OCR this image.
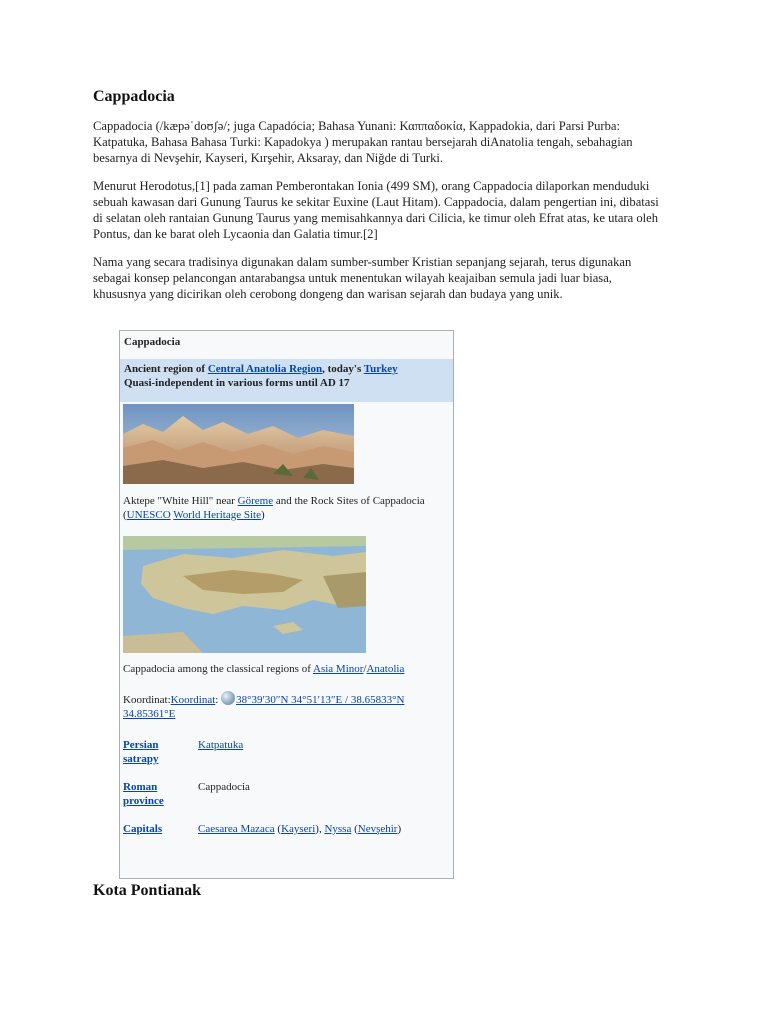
Cappadocia

Cappadocia (/kæpəˈdoʊʃə/; juga Capadócia; Bahasa Yunani: Καππαδοκία, Kappadokia, dari Parsi Purba: Katpatuka, Bahasa Bahasa Turki: Kapadokya ) merupakan rantau bersejarah diAnatolia tengah, sebahagian besarnya di Nevşehir, Kayseri, Kırşehir, Aksaray, dan Niğde di Turki.

Menurut Herodotus,[1] pada zaman Pemberontakan Ionia (499 SM), orang Cappadocia dilaporkan menduduki sebuah kawasan dari Gunung Taurus ke sekitar Euxine (Laut Hitam). Cappadocia, dalam pengertian ini, dibatasi di selatan oleh rantaian Gunung Taurus yang memisahkannya dari Cilicia, ke timur oleh Efrat atas, ke utara oleh Pontus, dan ke barat oleh Lycaonia dan Galatia timur.[2]

Nama yang secara tradisinya digunakan dalam sumber-sumber Kristian sepanjang sejarah, terus digunakan sebagai konsep pelancongan antarabangsa untuk menentukan wilayah keajaiban semula jadi luar biasa, khususnya yang dicirikan oleh cerobong dongeng dan warisan sejarah dan budaya yang unik.

Cappadocia
Ancient region of Central Anatolia Region, today's Turkey
Quasi-independent in various forms until AD 17
Aktepe "White Hill" near Göreme and the Rock Sites of Cappadocia (UNESCO World Heritage Site)
Cappadocia among the classical regions of Asia Minor/Anatolia
Koordinat:Koordinat: 38°39′30″N 34°51′13″E / 38.65833°N 34.85361°E
Persian satrapy
Katpatuka
Roman province
Cappadocia
Capitals	Caesarea Mazaca (Kayseri), Nyssa (Nevşehir)
Kota Pontianak
